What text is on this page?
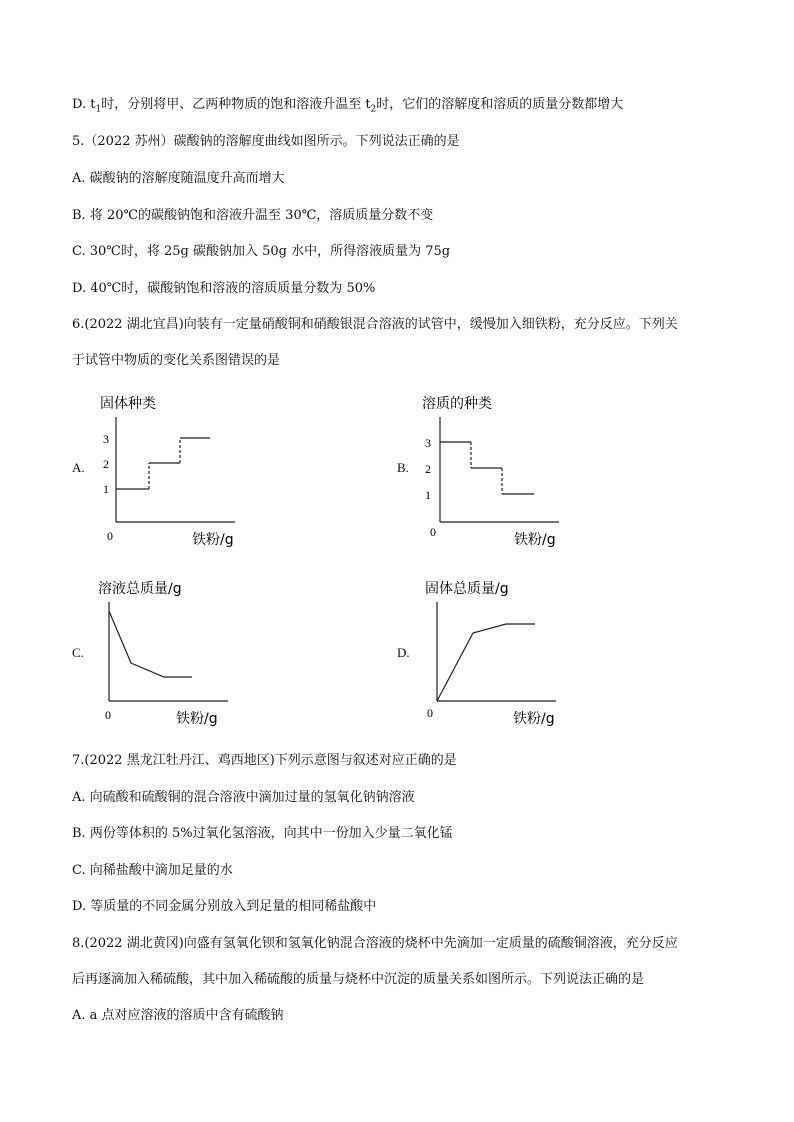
D. $t_1$时，分别将甲、乙两种物质的饱和溶液升温至 $t_2$时，它们的溶解度和溶质的质量分数都增大
5.（2022 苏州）碳酸钠的溶解度曲线如图所示。下列说法正确的是
A. 碳酸钠的溶解度随温度升高而增大
B. 将 20℃的碳酸钠饱和溶液升温至 30℃，溶质质量分数不变
C. 30℃时，将 25g 碳酸钠加入 50g 水中，所得溶液质量为 75g
D. 40℃时，碳酸钠饱和溶液的溶质质量分数为 50%
6.(2022 湖北宜昌)向装有一定量硝酸铜和硝酸银混合溶液的试管中，缓慢加入细铁粉，充分反应。下列关
于试管中物质的变化关系图错误的是
A.
固体种类
1
2
3
0	铁粉/g
B.
溶质的种类
1
2
3
0	铁粉/g
C.
溶液总质量/g
0	铁粉/g
D.
固体总质量/g
0	铁粉/g
7.(2022 黑龙江牡丹江、鸡西地区)下列示意图与叙述对应正确的是
A. 向硫酸和硫酸铜的混合溶液中滴加过量的氢氧化钠钠溶液
B. 两份等体积的 5%过氧化氢溶液，向其中一份加入少量二氧化锰
C. 向稀盐酸中滴加足量的水
D. 等质量的不同金属分别放入到足量的相同稀盐酸中
8.(2022 湖北黄冈)向盛有氢氧化钡和氢氧化钠混合溶液的烧杯中先滴加一定质量的硫酸铜溶液，充分反应
后再逐滴加入稀硫酸，其中加入稀硫酸的质量与烧杯中沉淀的质量关系如图所示。下列说法正确的是
A. a 点对应溶液的溶质中含有硫酸钠
